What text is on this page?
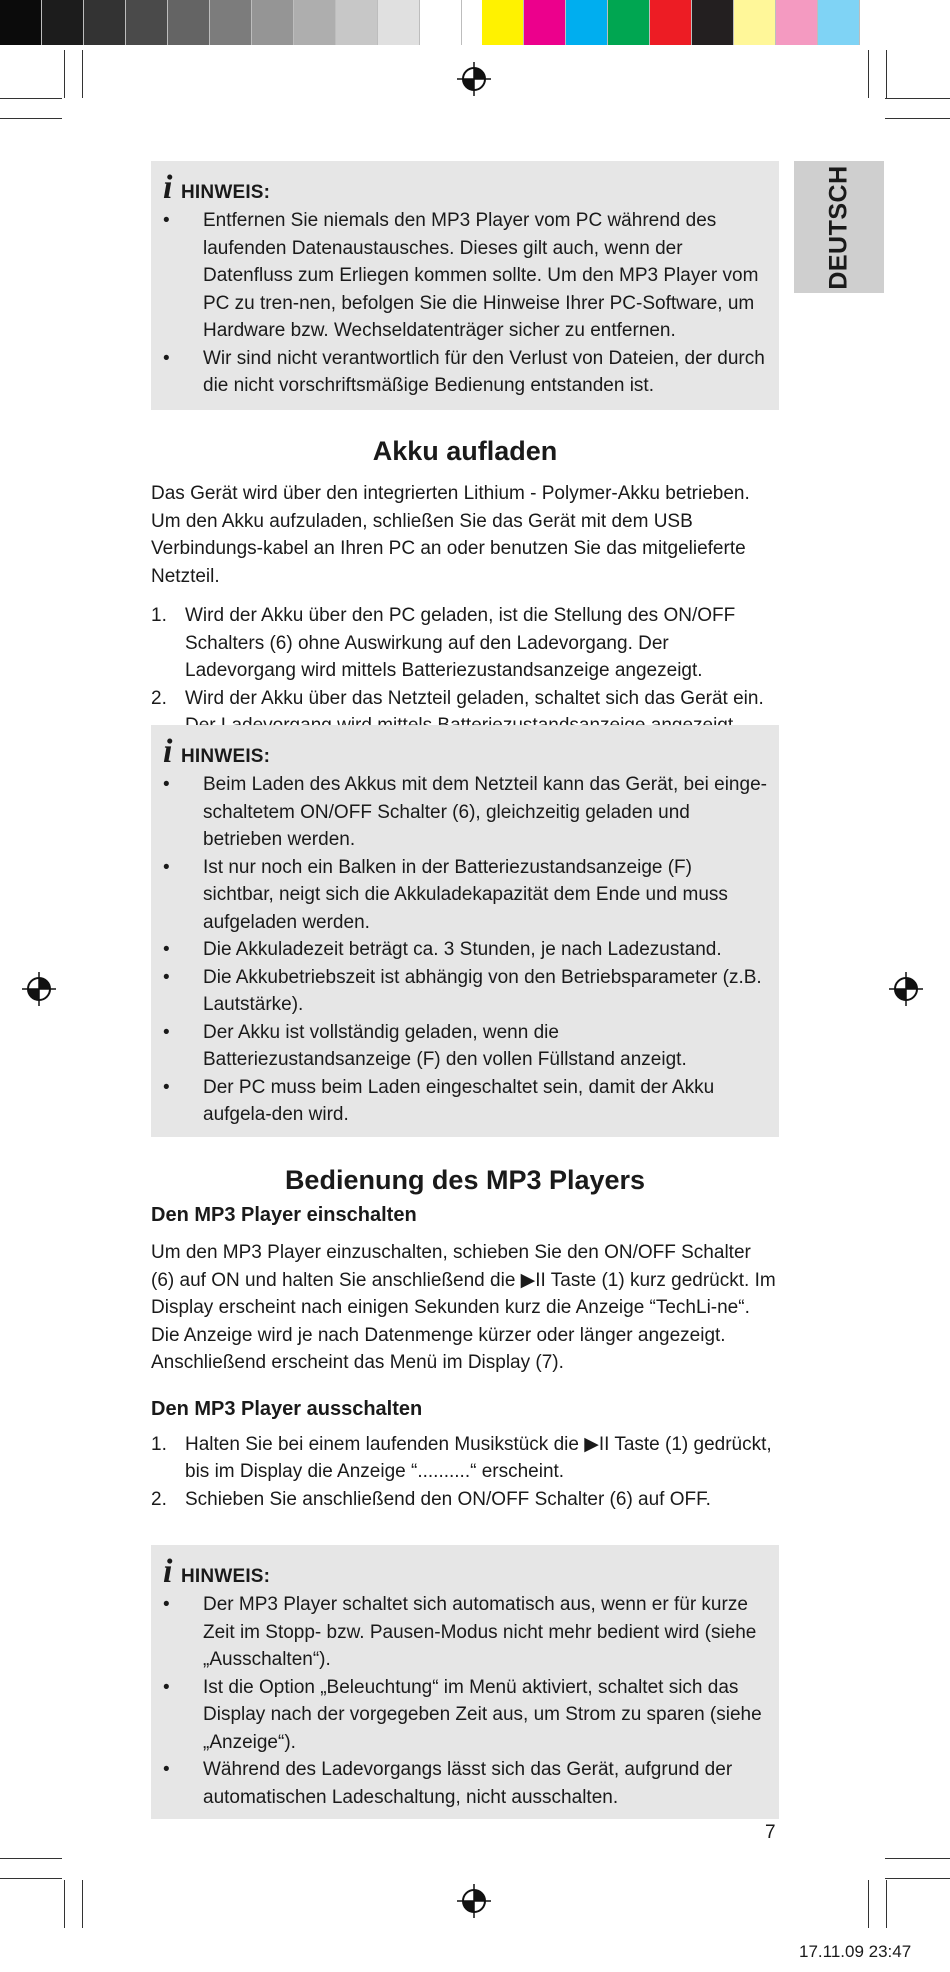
DEUTSCH
i HINWEIS:
• Entfernen Sie niemals den MP3 Player vom PC während des laufenden Datenaustausches. Dieses gilt auch, wenn der Datenfluss zum Erliegen kommen sollte. Um den MP3 Player vom PC zu tren-nen, befolgen Sie die Hinweise Ihrer PC-Software, um Hardware bzw. Wechseldatenträger sicher zu entfernen.
• Wir sind nicht verantwortlich für den Verlust von Dateien, der durch die nicht vorschriftsmäßige Bedienung entstanden ist.
Akku aufladen

Das Gerät wird über den integrierten Lithium - Polymer-Akku betrieben. Um den Akku aufzuladen, schließen Sie das Gerät mit dem USB Verbindungs-kabel an Ihren PC an oder benutzen Sie das mitgelieferte Netzteil.

1. Wird der Akku über den PC geladen, ist die Stellung des ON/OFF Schalters (6) ohne Auswirkung auf den Ladevorgang. Der Ladevorgang wird mittels Batteriezustandsanzeige angezeigt.
2. Wird der Akku über das Netzteil geladen, schaltet sich das Gerät ein.
i HINWEIS:
• Beim Laden des Akkus mit dem Netzteil kann das Gerät, bei einge-schaltetem ON/OFF Schalter (6), gleichzeitig geladen und betrieben werden.
• Ist nur noch ein Balken in der Batteriezustandsanzeige (F) sichtbar, neigt sich die Akkuladekapazität dem Ende und muss aufgeladen werden.
• Die Akkuladezeit beträgt ca. 3 Stunden, je nach Ladezustand.
• Die Akkubetriebszeit ist abhängig von den Betriebsparameter (z.B. Lautstärke).
• Der Akku ist vollständig geladen, wenn die Batteriezustandsanzeige (F) den vollen Füllstand anzeigt.
• Der PC muss beim Laden eingeschaltet sein, damit der Akku aufgela-den wird.
Bedienung des MP3 Players
Den MP3 Player einschalten

Um den MP3 Player einzuschalten, schieben Sie den ON/OFF Schalter (6) auf ON und halten Sie anschließend die ▶II Taste (1) kurz gedrückt. Im Display erscheint nach einigen Sekunden kurz die Anzeige “TechLi-ne“. Die Anzeige wird je nach Datenmenge kürzer oder länger angezeigt. Anschließend erscheint das Menü im Display (7).

Den MP3 Player ausschalten
1. Halten Sie bei einem laufenden Musikstück die ▶II Taste (1) gedrückt, bis im Display die Anzeige “..........“ erscheint.
2. Schieben Sie anschließend den ON/OFF Schalter (6) auf OFF.
i HINWEIS:
• Der MP3 Player schaltet sich automatisch aus, wenn er für kurze Zeit im Stopp- bzw. Pausen-Modus nicht mehr bedient wird (siehe „Ausschalten“).
• Ist die Option „Beleuchtung“ im Menü aktiviert, schaltet sich das Display nach der vorgegeben Zeit aus, um Strom zu sparen (siehe „Anzeige“).
• Während des Ladevorgangs lässt sich das Gerät, aufgrund der automatischen Ladeschaltung, nicht ausschalten.
7
17.11.09 23:47
